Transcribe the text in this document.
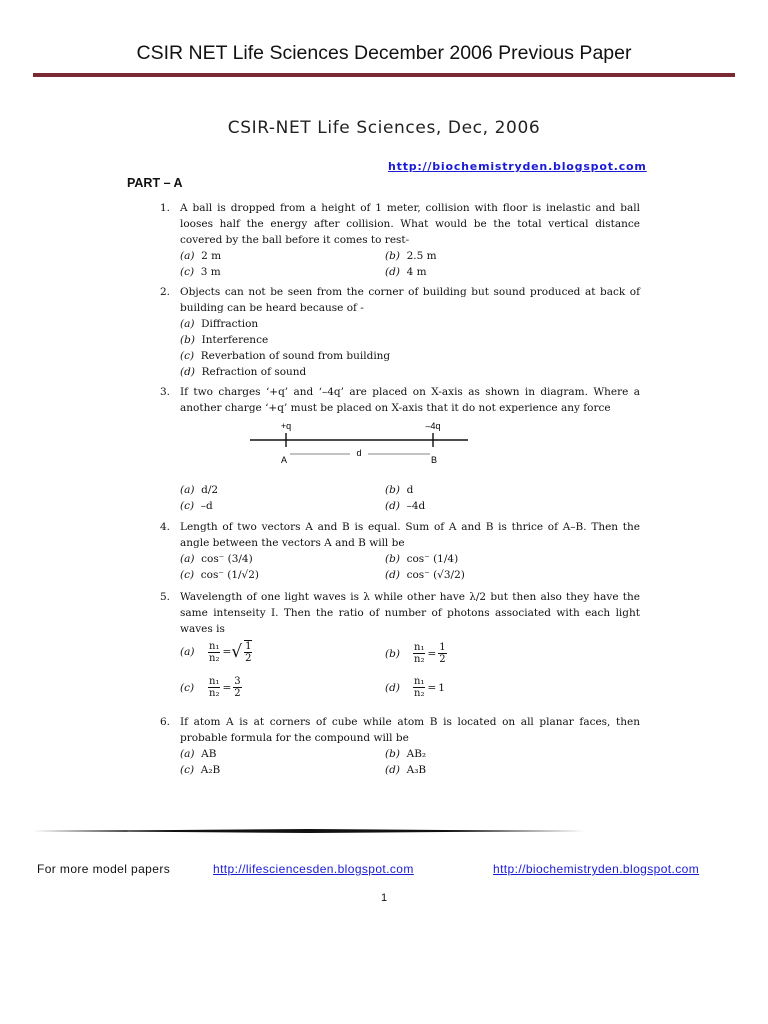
CSIR NET Life Sciences December 2006 Previous Paper
CSIR-NET Life Sciences, Dec, 2006
http://biochemistryden.blogspot.com
PART – A
1. A ball is dropped from a height of 1 meter, collision with floor is inelastic and ball looses half the energy after collision. What would be the total vertical distance covered by the ball before it comes to rest-
(a) 2 m	(b) 2.5 m
(c) 3 m	(d) 4 m
2. Objects can not be seen from the corner of building but sound produced at back of building can be heard because of -
(a) Diffraction
(b) Interference
(c) Reverbation of sound from building
(d) Refraction of sound
3. If two charges ‘+q’ and ‘–4q’ are placed on X-axis as shown in diagram. Where a another charge ‘+q’ must be placed on X-axis that it do not experience any force
+q	–4q
d
A	B
(a) d/2	(b) d
(c) –d	(d) –4d
4. Length of two vectors A and B is equal. Sum of A and B is thrice of A–B. Then the angle between the vectors A and B will be
(a) cos⁻ (3/4)	(b) cos⁻ (1/4)
(c) cos⁻ (1/√2)	(d) cos⁻ (√3/2)
5. Wavelength of one light waves is λ while other have λ/2 but then also they have the same intenseity I. Then the ratio of number of photons associated with each light waves is
(a)	$\frac{\text{n₁}}{\text{n₂}}$ = √ $\frac{1}{2}$	(b)	$\frac{\text{n₁}}{\text{n₂}} = \frac{1}{2}$
(c)	$\frac{\text{n₁}}{\text{n₂}} = \frac{3}{2}$	(d)	$\frac{\text{n₁}}{\text{n₂}} = 1$
6. If atom A is at corners of cube while atom B is located on all planar faces, then probable formula for the compound will be
(a) AB	(b) AB₂
(c) A₂B	(d) A₃B
For more model papers	http://lifesciencesden.blogspot.com	http://biochemistryden.blogspot.com
1
